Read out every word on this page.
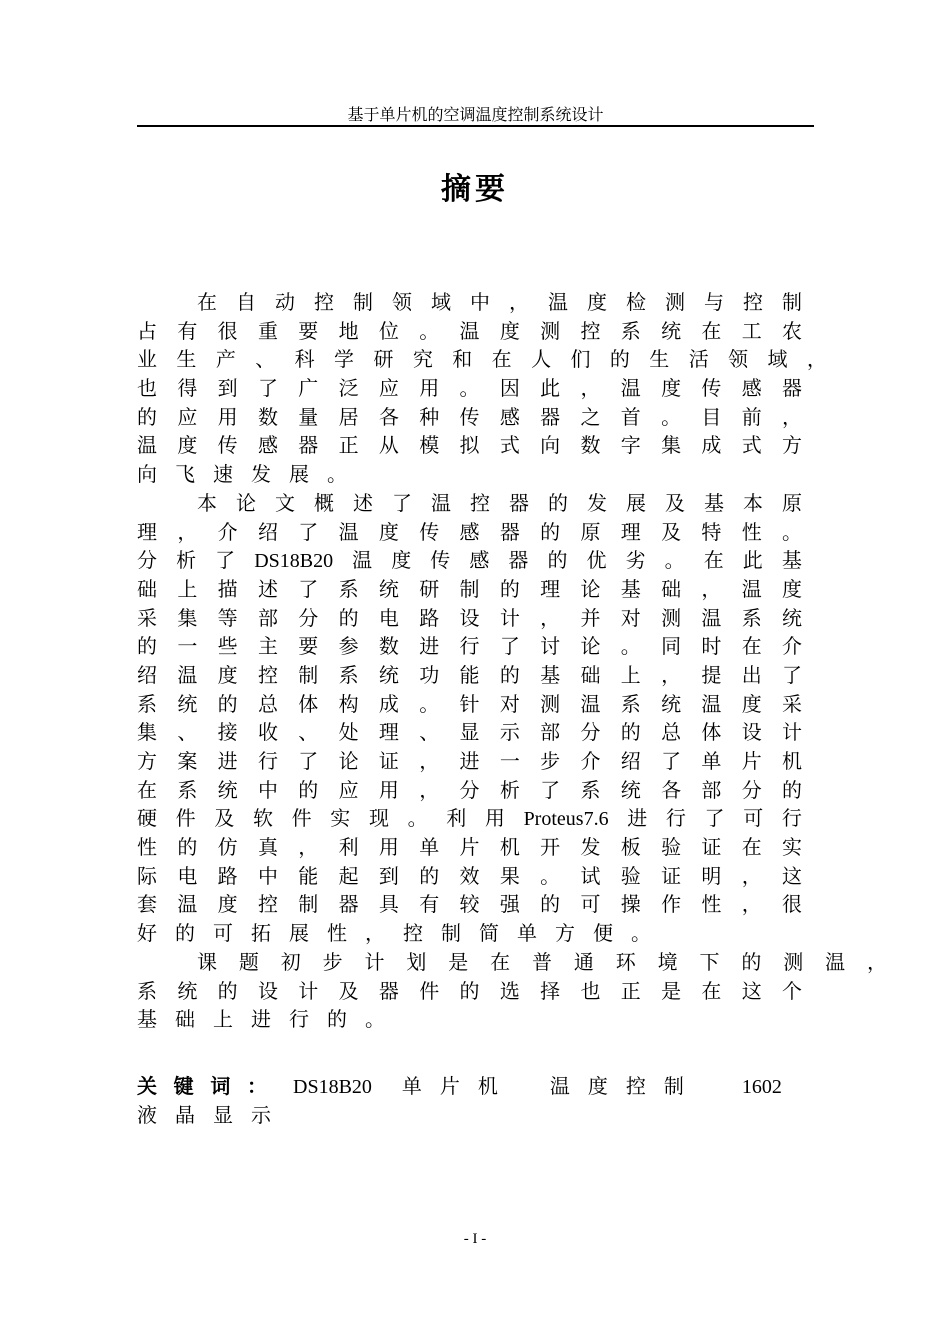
基于单片机的空调温度控制系统设计
摘要
在 自 动 控 制 领 域 中 ， 温 度 检 测 与 控 制
占 有 很 重 要 地 位 。 温 度 测 控 系 统 在 工 农
业 生 产 、 科 学 研 究 和 在 人 们 的 生 活 领 域 ，
也 得 到 了 广 泛 应 用 。 因 此 ， 温 度 传 感 器
的 应 用 数 量 居 各 种 传 感 器 之 首 。 目 前 ，
温 度 传 感 器 正 从 模 拟 式 向 数 字 集 成 式 方
向 飞 速 发 展 。
本 论 文 概 述 了 温 控 器 的 发 展 及 基 本 原
理 ， 介 绍 了 温 度 传 感 器 的 原 理 及 特 性 。
分 析 了 DS18B20 温 度 传 感 器 的 优 劣 。 在 此 基
础 上 描 述 了 系 统 研 制 的 理 论 基 础 ， 温 度
采 集 等 部 分 的 电 路 设 计 ， 并 对 测 温 系 统
的 一 些 主 要 参 数 进 行 了 讨 论 。 同 时 在 介
绍 温 度 控 制 系 统 功 能 的 基 础 上 ， 提 出 了
系 统 的 总 体 构 成 。 针 对 测 温 系 统 温 度 采
集 、 接 收 、 处 理 、 显 示 部 分 的 总 体 设 计
方 案 进 行 了 论 证 ， 进 一 步 介 绍 了 单 片 机
在 系 统 中 的 应 用 ， 分 析 了 系 统 各 部 分 的
硬 件 及 软 件 实 现 。 利 用 Proteus7.6 进 行 了 可 行
性 的 仿 真 ， 利 用 单 片 机 开 发 板 验 证 在 实
际 电 路 中 能 起 到 的 效 果 。 试 验 证 明 ， 这
套 温 度 控 制 器 具 有 较 强 的 可 操 作 性 ， 很
好 的 可 拓 展 性 ， 控 制 简 单 方 便 。
课 题 初 步 计 划 是 在 普 通 环 境 下 的 测 温 ，
系 统 的 设 计 及 器 件 的 选 择 也 正 是 在 这 个
基 础 上 进 行 的 。
关 键 词 ： DS18B20 单片机 温度控制 1602
液晶显示
- I -
